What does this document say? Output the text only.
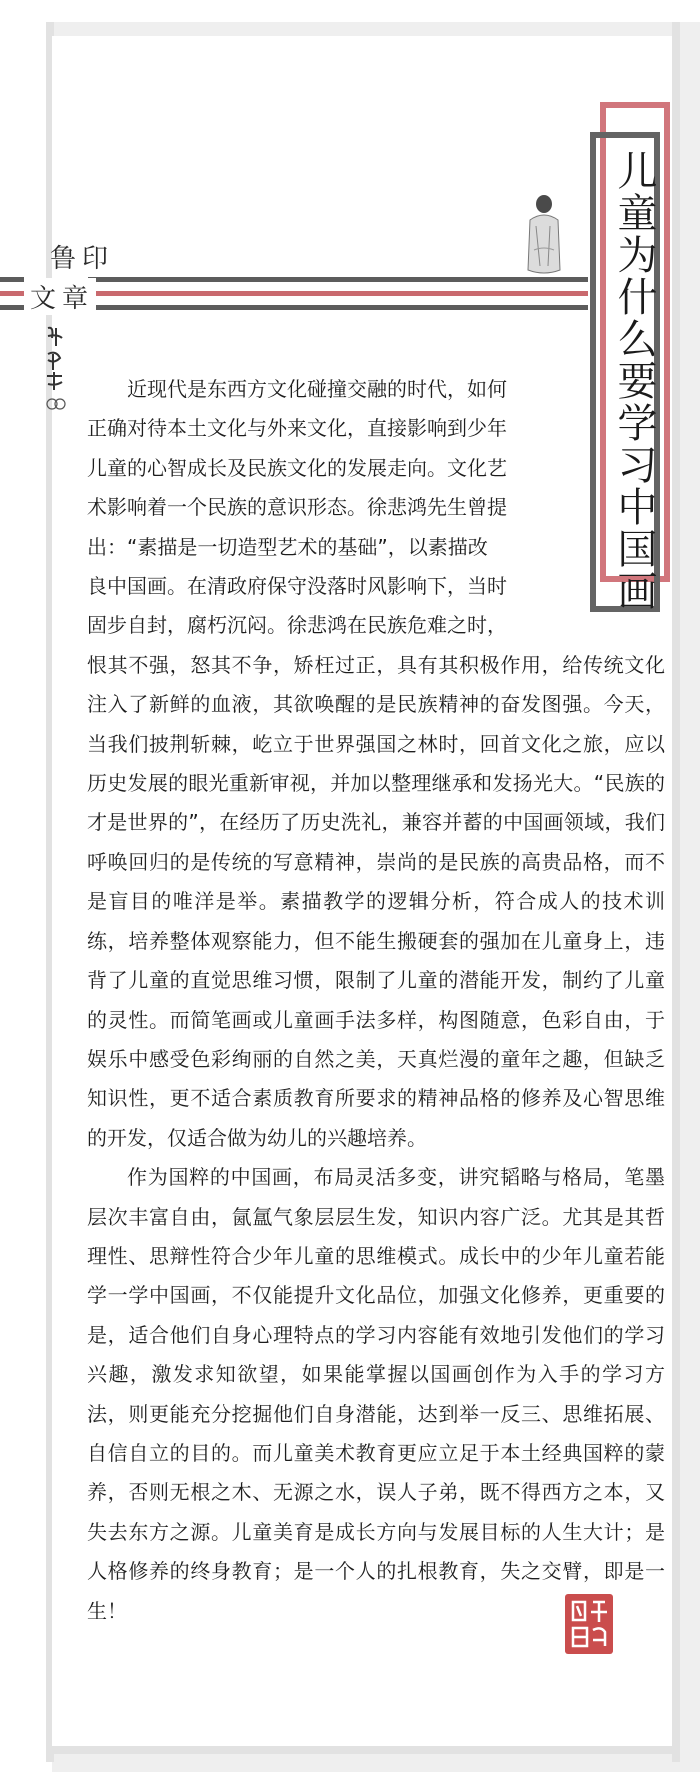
鲁印
文章	儿童为什么要学习中国画

近现代是东西方文化碰撞交融的时代，如何
正确对待本土文化与外来文化，直接影响到少年
儿童的心智成长及民族文化的发展走向。文化艺
术影响着一个民族的意识形态。徐悲鸿先生曾提
出：“素描是一切造型艺术的基础”，以素描改
良中国画。在清政府保守没落时风影响下，当时
固步自封，腐朽沉闷。徐悲鸿在民族危难之时，
恨其不强，怒其不争，矫枉过正，具有其积极作用，给传统文化注入了新鲜的血液，其欲唤醒的是民族精神的奋发图强。今天，当我们披荆斩棘，屹立于世界强国之林时，回首文化之旅，应以历史发展的眼光重新审视，并加以整理继承和发扬光大。“民族的才是世界的”，在经历了历史洗礼，兼容并蓄的中国画领域，我们呼唤回归的是传统的写意精神，崇尚的是民族的高贵品格，而不是盲目的唯洋是举。素描教学的逻辑分析，符合成人的技术训练，培养整体观察能力，但不能生搬硬套的强加在儿童身上，违背了儿童的直觉思维习惯，限制了儿童的潜能开发，制约了儿童的灵性。而简笔画或儿童画手法多样，构图随意，色彩自由，于娱乐中感受色彩绚丽的自然之美，天真烂漫的童年之趣，但缺乏知识性，更不适合素质教育所要求的精神品格的修养及心智思维的开发，仅适合做为幼儿的兴趣培养。

作为国粹的中国画，布局灵活多变，讲究韬略与格局，笔墨层次丰富自由，氤氲气象层层生发，知识内容广泛。尤其是其哲理性、思辩性符合少年儿童的思维模式。成长中的少年儿童若能学一学中国画，不仅能提升文化品位，加强文化修养，更重要的是，适合他们自身心理特点的学习内容能有效地引发他们的学习兴趣，激发求知欲望，如果能掌握以国画创作为入手的学习方法，则更能充分挖掘他们自身潜能，达到举一反三、思维拓展、自信自立的目的。而儿童美术教育更应立足于本土经典国粹的蒙养，否则无根之木、无源之水，误人子弟，既不得西方之本，又失去东方之源。儿童美育是成长方向与发展目标的人生大计；是人格修养的终身教育；是一个人的扎根教育，失之交臂，即是一生！
